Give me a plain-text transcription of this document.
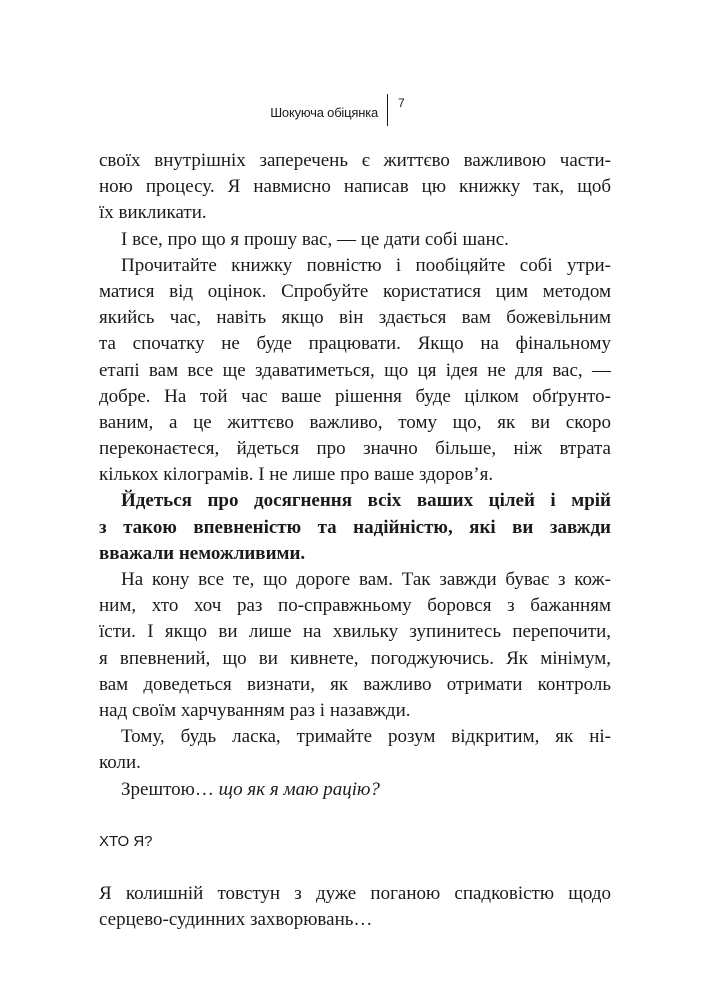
Шокуюча обіцянка
7
своїх внутрішніх заперечень є життєво важливою части-
ною процесу. Я навмисно написав цю книжку так, щоб
їх викликати.
І все, про що я прошу вас, — це дати собі шанс.
Прочитайте книжку повністю і пообіцяйте собі утри-
матися від оцінок. Спробуйте користатися цим методом
якийсь час, навіть якщо він здається вам божевільним
та спочатку не буде працювати. Якщо на фінальному
етапі вам все ще здаватиметься, що ця ідея не для вас, —
добре. На той час ваше рішення буде цілком обґрунто-
ваним, а це життєво важливо, тому що, як ви скоро
переконаєтеся, йдеться про значно більше, ніж втрата
кількох кілограмів. І не лише про ваше здоров’я.
Йдеться про досягнення всіх ваших цілей і мрій
з такою впевненістю та надійністю, які ви завжди
вважали неможливими.
На кону все те, що дороге вам. Так завжди буває з кож-
ним, хто хоч раз по-справжньому боровся з бажанням
їсти. І якщо ви лише на хвильку зупинитесь перепочити,
я впевнений, що ви кивнете, погоджуючись. Як мінімум,
вам доведеться визнати, як важливо отримати контроль
над своїм харчуванням раз і назавжди.
Тому, будь ласка, тримайте розум відкритим, як ні-
коли.
Зрештою… що як я маю рацію?
ХТО Я?
Я колишній товстун з дуже поганою спадковістю щодо
серцево-судинних захворювань…
